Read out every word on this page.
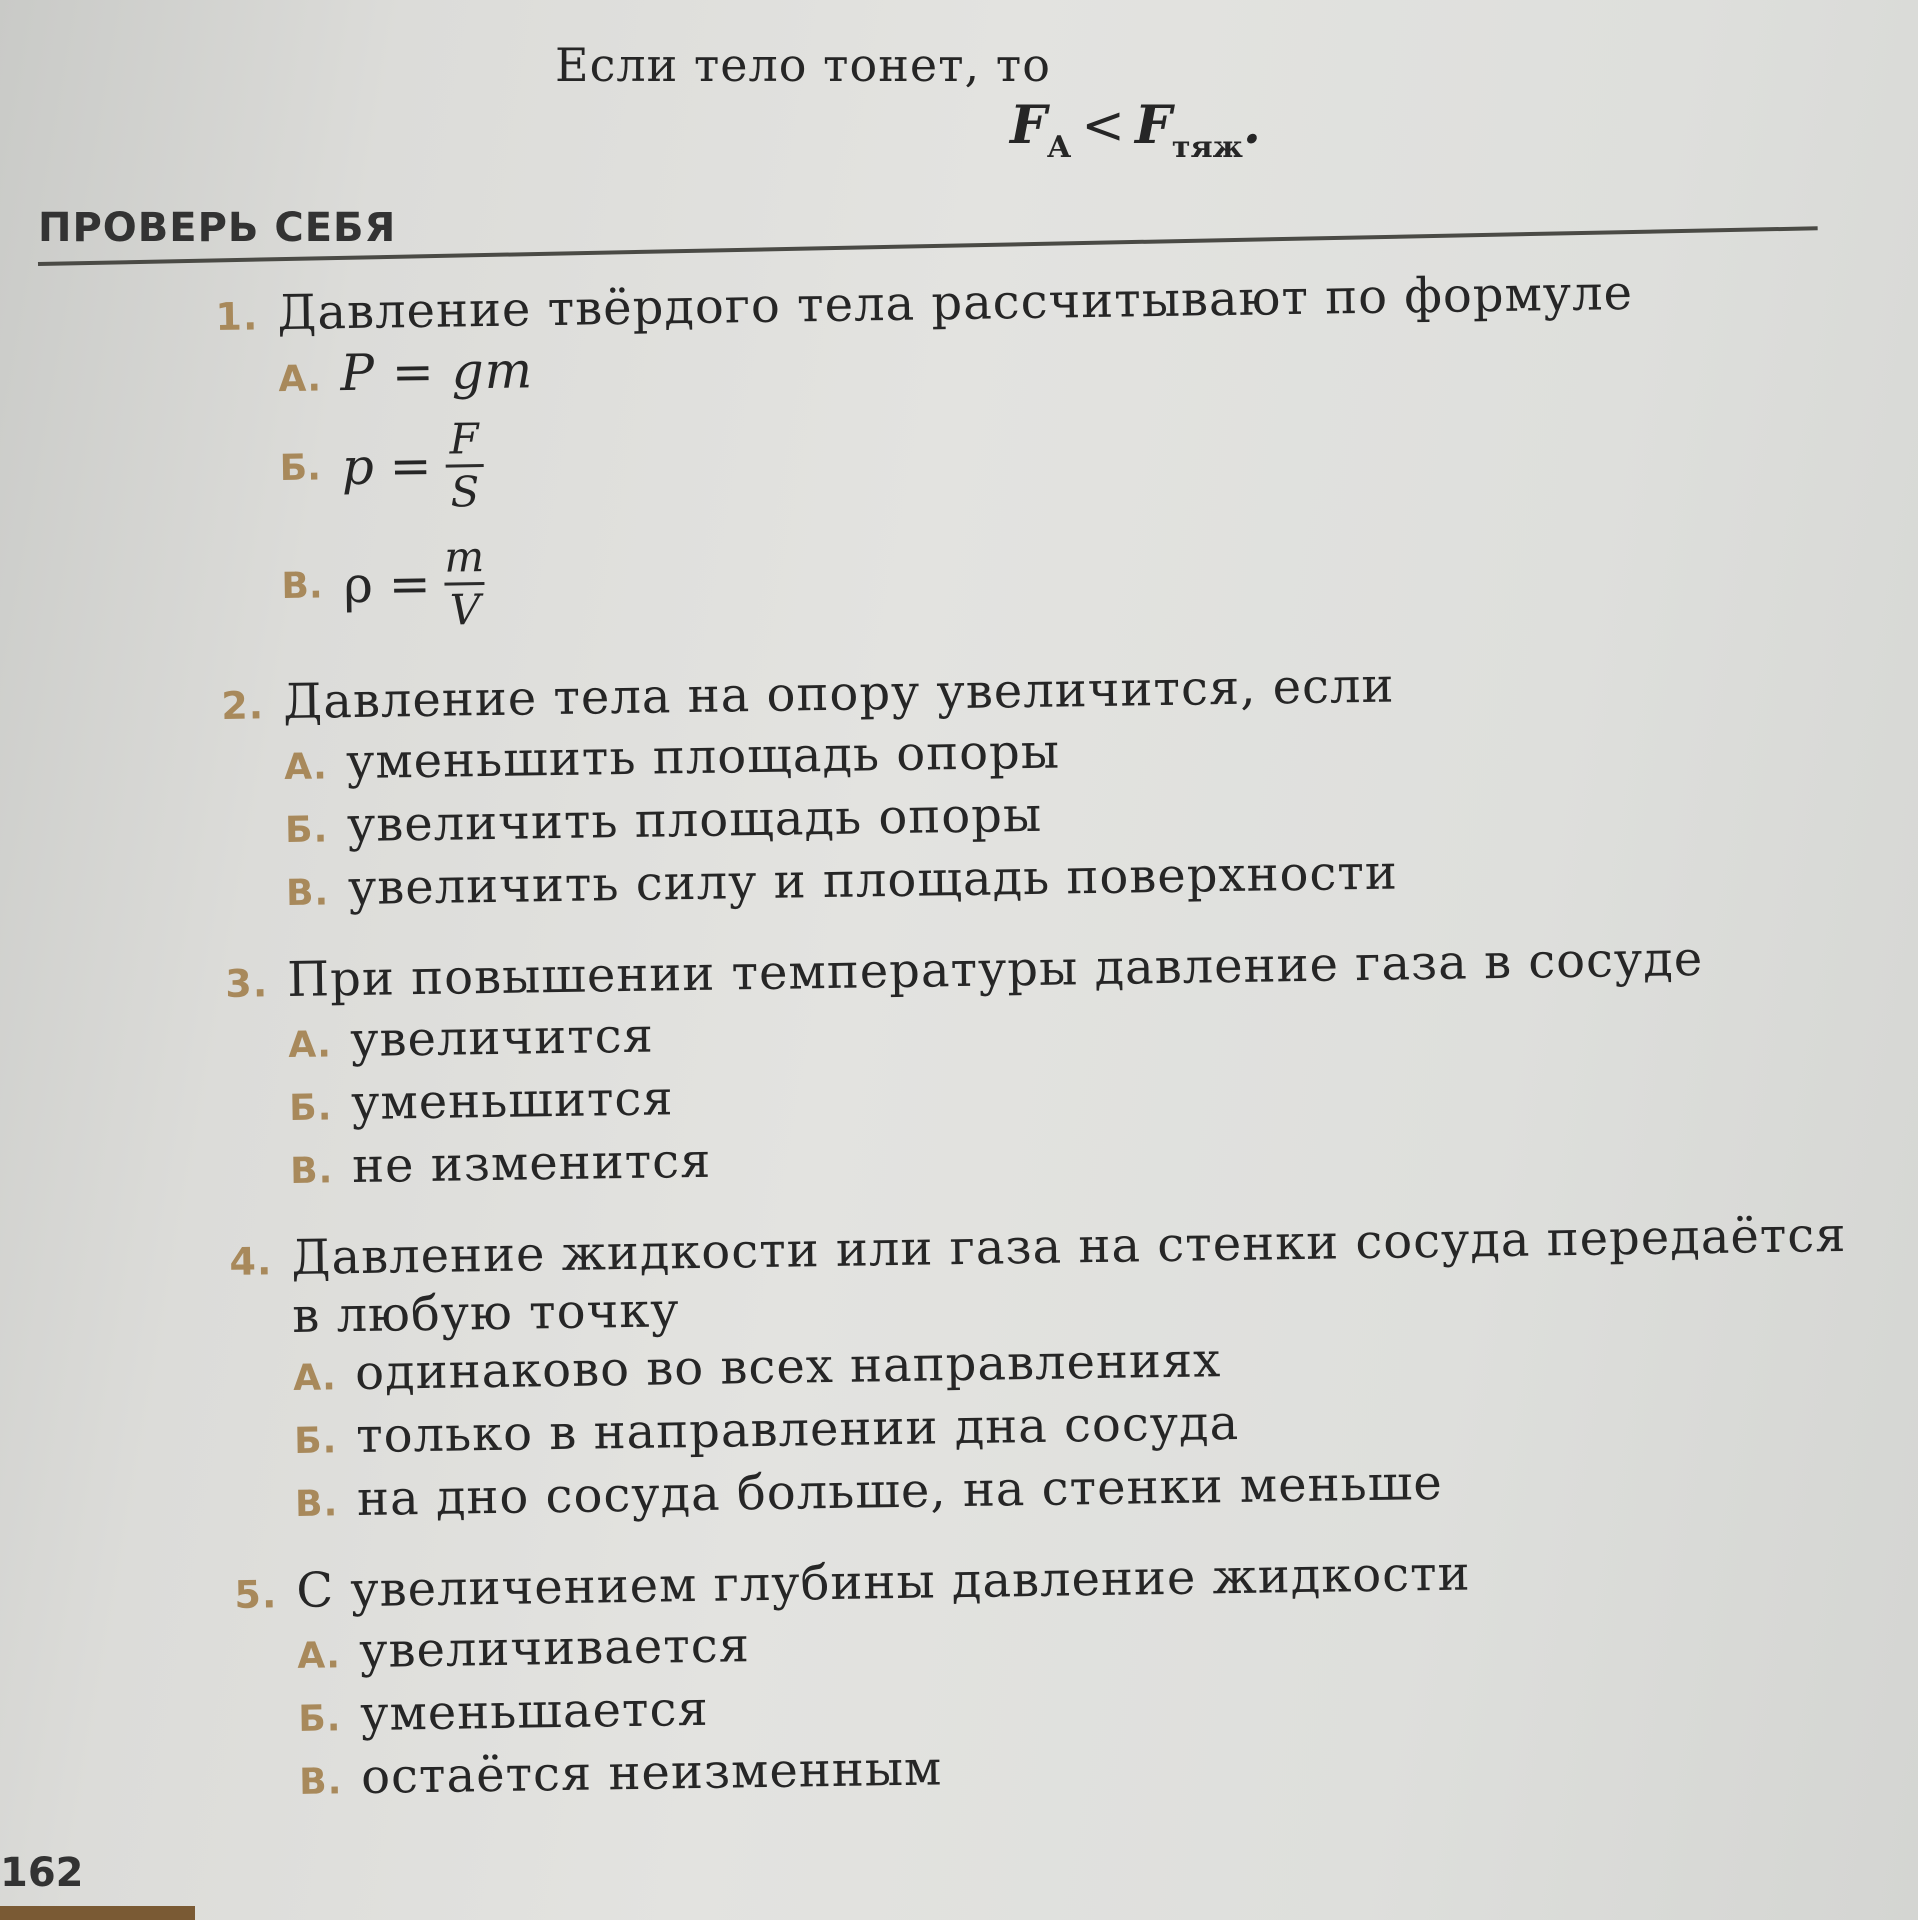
Если тело тонет, то
$F_А < F_{тяж}$.
ПРОВЕРЬ СЕБЯ
1. Давление твёрдого тела рассчитывают по формуле
А. P = gm
Б. $p = \frac{F}{S}$
В. $\rho = \frac{m}{V}$
2. Давление тела на опору увеличится, если
А. уменьшить площадь опоры
Б. увеличить площадь опоры
В. увеличить силу и площадь поверхности
3. При повышении температуры давление газа в сосуде
А. увеличится
Б. уменьшится
В. не изменится
4. Давление жидкости или газа на стенки сосуда передаётся
в любую точку
А. одинаково во всех направлениях
Б. только в направлении дна сосуда
В. на дно сосуда больше, на стенки меньше
5. С увеличением глубины давление жидкости
А. увеличивается
Б. уменьшается
В. остаётся неизменным
162
